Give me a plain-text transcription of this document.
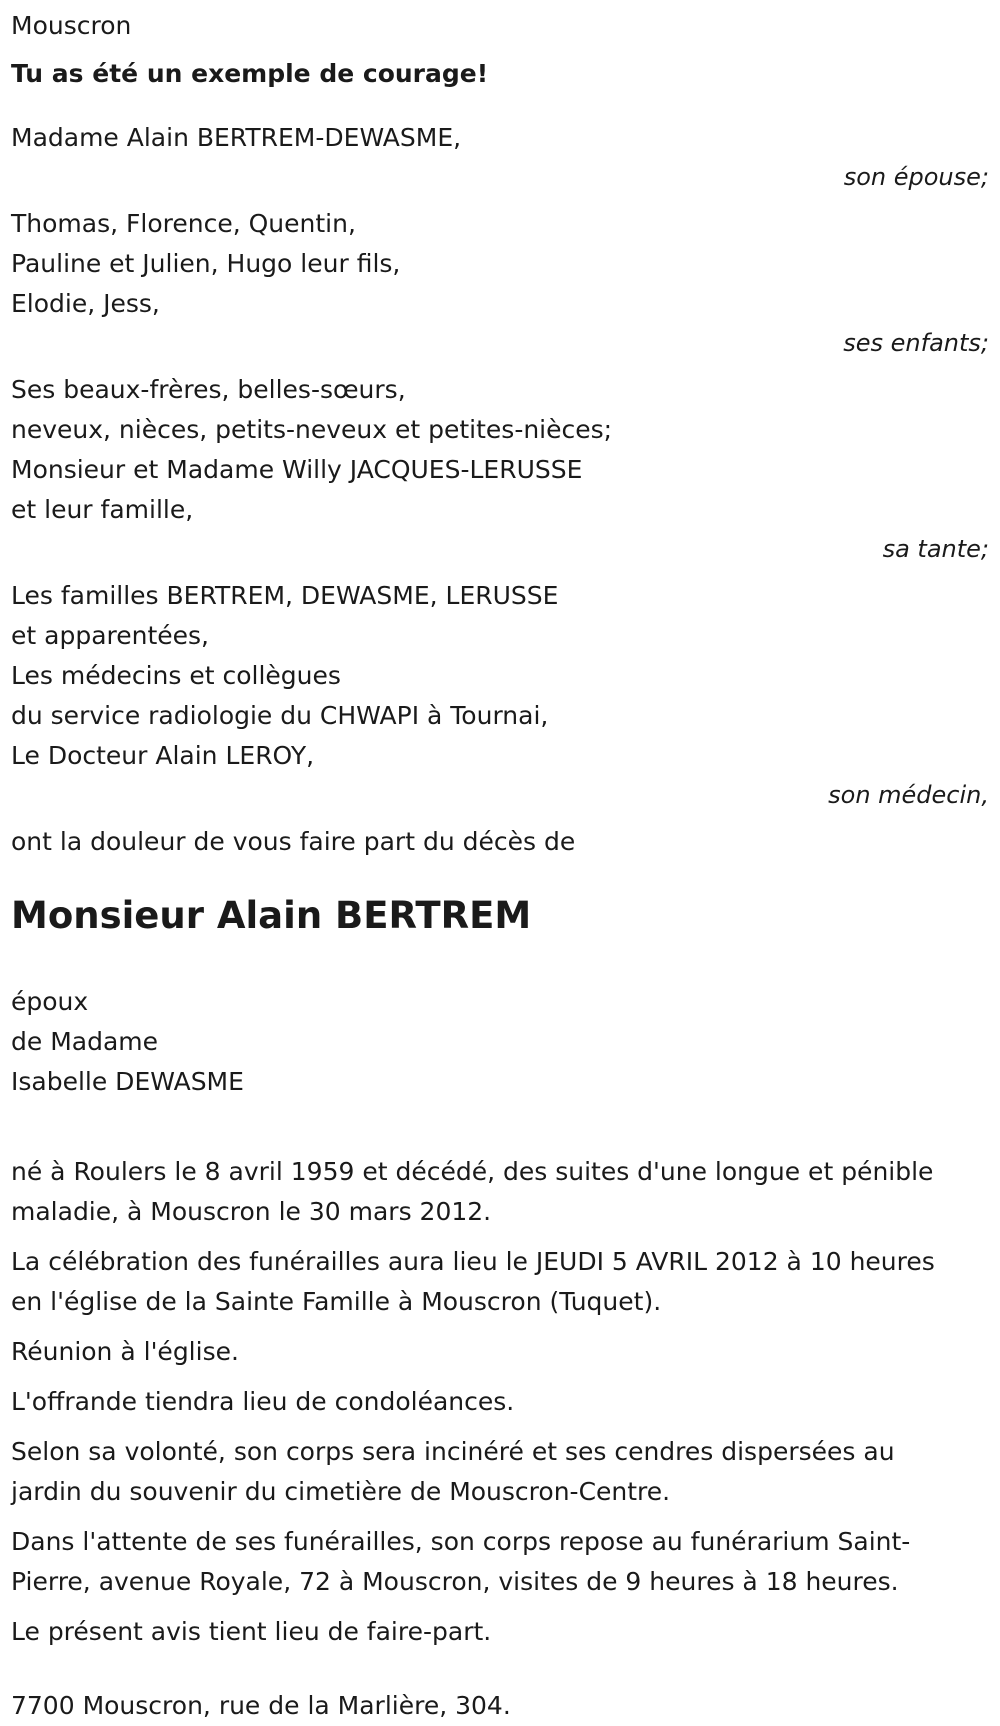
Mouscron

Tu as été un exemple de courage!

Madame Alain BERTREM-DEWASME,

son épouse;

Thomas, Florence, Quentin,

Pauline et Julien, Hugo leur fils,

Elodie, Jess,

ses enfants;

Ses beaux-frères, belles-sœurs,

neveux, nièces, petits-neveux et petites-nièces;

Monsieur et Madame Willy JACQUES-LERUSSE

et leur famille,

sa tante;

Les familles BERTREM, DEWASME, LERUSSE

et apparentées,

Les médecins et collègues

du service radiologie du CHWAPI à Tournai,

Le Docteur Alain LEROY,

son médecin,

ont la douleur de vous faire part du décès de

Monsieur Alain BERTREM

époux

de Madame

Isabelle DEWASME

né à Roulers le 8 avril 1959 et décédé, des suites d'une longue et pénible
maladie, à Mouscron le 30 mars 2012.

La célébration des funérailles aura lieu le JEUDI 5 AVRIL 2012 à 10 heures
en l'église de la Sainte Famille à Mouscron (Tuquet).

Réunion à l'église.

L'offrande tiendra lieu de condoléances.

Selon sa volonté, son corps sera incinéré et ses cendres dispersées au
jardin du souvenir du cimetière de Mouscron-Centre.

Dans l'attente de ses funérailles, son corps repose au funérarium Saint-
Pierre, avenue Royale, 72 à Mouscron, visites de 9 heures à 18 heures.

Le présent avis tient lieu de faire-part.

7700 Mouscron, rue de la Marlière, 304.
